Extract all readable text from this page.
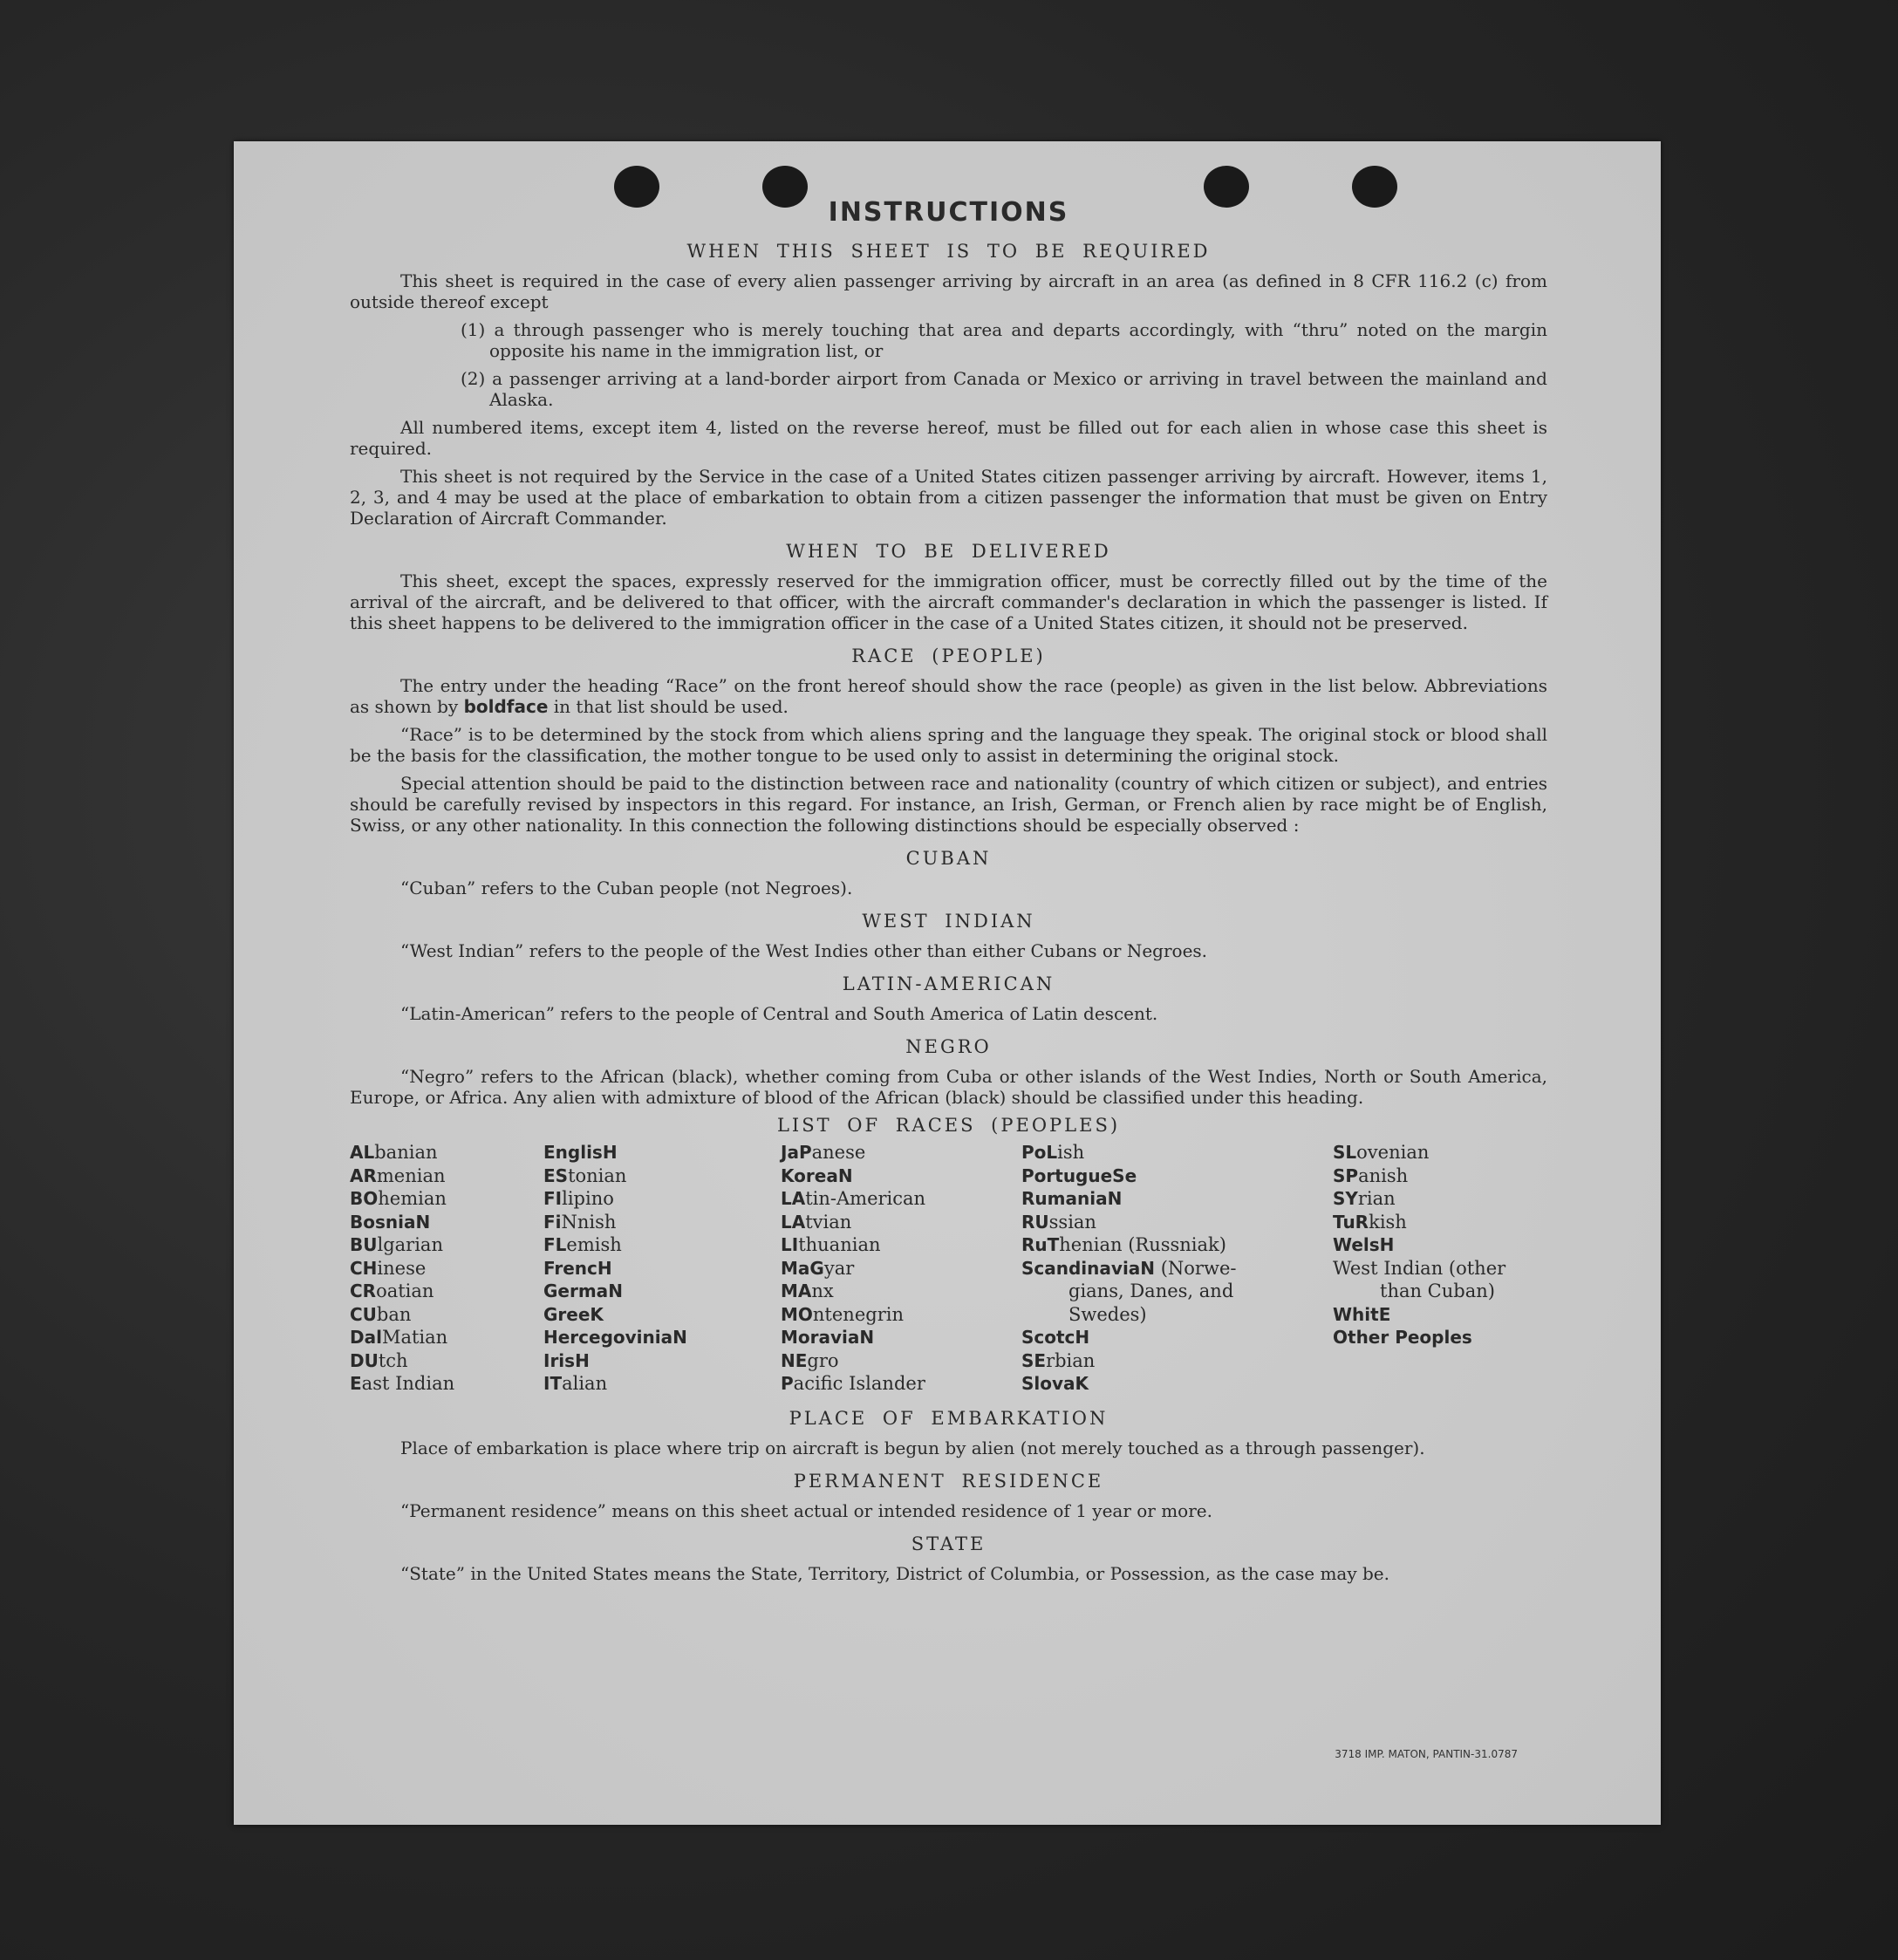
INSTRUCTIONS
WHEN THIS SHEET IS TO BE REQUIRED

This sheet is required in the case of every alien passenger arriving by aircraft in an area (as defined in 8 CFR 116.2 (c) from outside thereof except

(1) a through passenger who is merely touching that area and departs accordingly, with “thru” noted on the margin opposite his name in the immigration list, or

(2) a passenger arriving at a land-border airport from Canada or Mexico or arriving in travel between the mainland and Alaska.

All numbered items, except item 4, listed on the reverse hereof, must be filled out for each alien in whose case this sheet is required.

This sheet is not required by the Service in the case of a United States citizen passenger arriving by aircraft. However, items 1, 2, 3, and 4 may be used at the place of embarkation to obtain from a citizen passenger the information that must be given on Entry Declaration of Aircraft Commander.

WHEN TO BE DELIVERED

This sheet, except the spaces, expressly reserved for the immigration officer, must be correctly filled out by the time of the arrival of the aircraft, and be delivered to that officer, with the aircraft commander's declaration in which the passenger is listed. If this sheet happens to be delivered to the immigration officer in the case of a United States citizen, it should not be preserved.

RACE (PEOPLE)

The entry under the heading “Race” on the front hereof should show the race (people) as given in the list below. Abbreviations as shown by boldface in that list should be used.

“Race” is to be determined by the stock from which aliens spring and the language they speak. The original stock or blood shall be the basis for the classification, the mother tongue to be used only to assist in determining the original stock.

Special attention should be paid to the distinction between race and nationality (country of which citizen or subject), and entries should be carefully revised by inspectors in this regard. For instance, an Irish, German, or French alien by race might be of English, Swiss, or any other nationality. In this connection the following distinctions should be especially observed :

CUBAN

“Cuban” refers to the Cuban people (not Negroes).

WEST INDIAN

“West Indian” refers to the people of the West Indies other than either Cubans or Negroes.

LATIN-AMERICAN

“Latin-American” refers to the people of Central and South America of Latin descent.

NEGRO

“Negro” refers to the African (black), whether coming from Cuba or other islands of the West Indies, North or South America, Europe, or Africa. Any alien with admixture of blood of the African (black) should be classified under this heading.

LIST OF RACES (PEOPLES)
ALbanian
ARmenian
BOhemian
BosniaN
BUlgarian
CHinese
CRoatian
CUban
DalMatian
DUtch
East Indian
EnglisH
EStonian
FIlipino
FiNnish
FLemish
FrencH
GermaN
GreeK
HercegoviniaN
IrisH
ITalian
JaPanese
KoreaN
LAtin-American
LAtvian
LIthuanian
MaGyar
MAnx
MOntenegrin
MoraviaN
NEgro
Pacific Islander
PoLish
PortugueSe
RumaniaN
RUssian
RuThenian (Russniak)
ScandinaviaN (Norwe-
gians, Danes, and
Swedes)
ScotcH
SErbian
SlovaK
SLovenian
SPanish
SYrian
TuRkish
WelsH
West Indian (other
than Cuban)
WhitE
Other Peoples
PLACE OF EMBARKATION

Place of embarkation is place where trip on aircraft is begun by alien (not merely touched as a through passenger).

PERMANENT RESIDENCE

“Permanent residence” means on this sheet actual or intended residence of 1 year or more.

STATE

“State” in the United States means the State, Territory, District of Columbia, or Possession, as the case may be.

3718 IMP. MATON, PANTIN-31.0787
